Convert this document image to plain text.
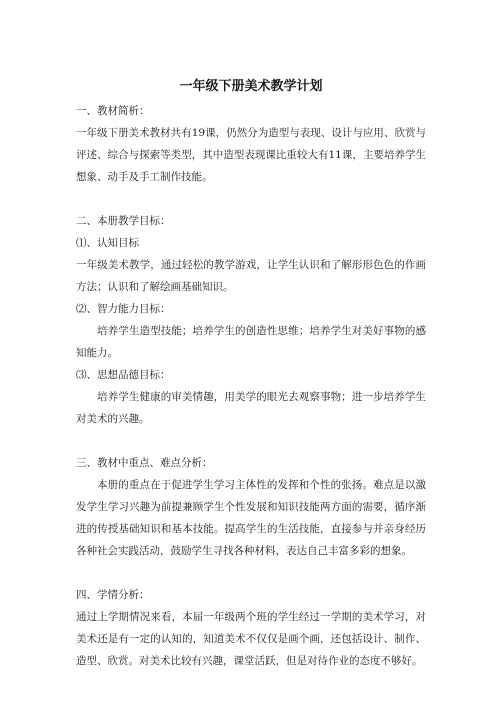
一年级下册美术教学计划

一、教材简析：

一年级下册美术教材共有19课，仍然分为造型与表现、设计与应用、欣赏与评述、综合与探索等类型，其中造型表现课比重较大有11课，主要培养学生想象、动手及手工制作技能。

二、本册教学目标：

⑴、认知目标

一年级美术教学，通过轻松的教学游戏，让学生认识和了解形形色色的作画方法；认识和了解绘画基础知识。

⑵、智力能力目标：

培养学生造型技能；培养学生的创造性思维；培养学生对美好事物的感知能力。

⑶、思想品德目标：

培养学生健康的审美情趣，用美学的眼光去观察事物；进一步培养学生对美术的兴趣。

三、教材中重点、难点分析：

本册的重点在于促进学生学习主体性的发挥和个性的张扬。难点是以激发学生学习兴趣为前提兼顾学生个性发展和知识技能两方面的需要，循序渐进的传授基础知识和基本技能。提高学生的生活技能，直接参与并亲身经历各种社会实践活动，鼓励学生寻找各种材料，表达自己丰富多彩的想象。

四、学情分析：

通过上学期情况来看，本届一年级两个班的学生经过一学期的美术学习，对美术还是有一定的认知的，知道美术不仅仅是画个画，还包括设计、制作、造型、欣赏。对美术比较有兴趣，课堂活跃，但是对待作业的态度不够好。
